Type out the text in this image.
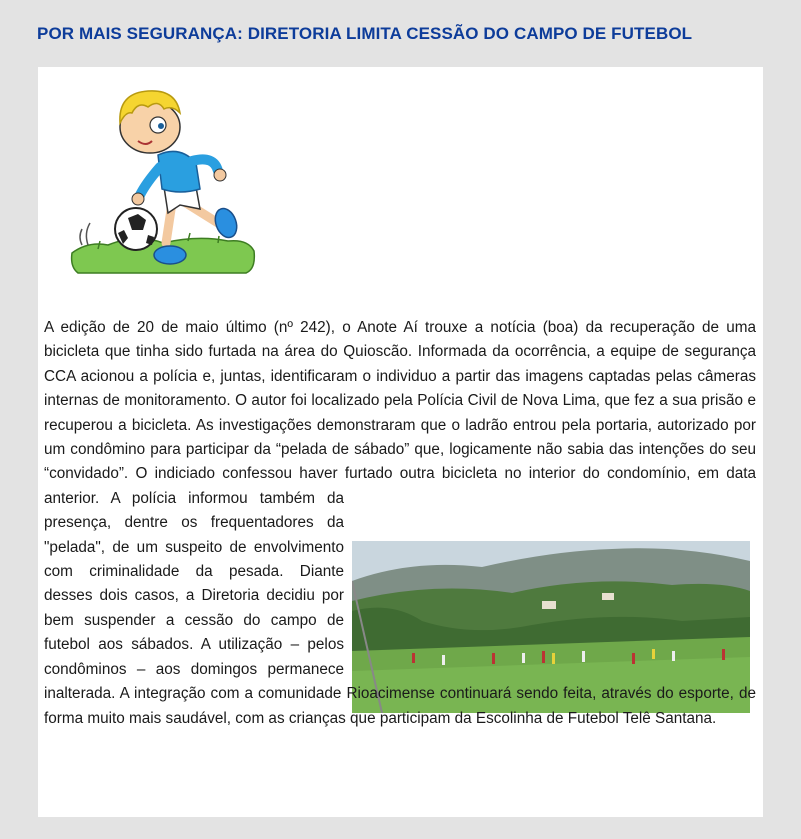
POR MAIS SEGURANÇA: DIRETORIA LIMITA CESSÃO DO CAMPO DE FUTEBOL

A edição de 20 de maio último (nº 242), o Anote Aí trouxe a notícia (boa) da recuperação de uma bicicleta que tinha sido furtada na área do Quioscão. Informada da ocorrência, a equipe de segurança CCA acionou a polícia e, juntas, identificaram o individuo a partir das imagens captadas pelas câmeras internas de monitoramento. O autor foi localizado pela Polícia Civil de Nova Lima, que fez a sua prisão e recuperou a bicicleta. As investigações demonstraram que o ladrão entrou pela portaria, autorizado por um condômino para participar da “pelada de sábado” que, logicamente não sabia das intenções do seu “convidado”. O indiciado confessou haver furtado outra bicicleta no interior do condomínio, em data anterior. A polícia informou também da presença, dentre os frequentadores da "pelada", de um suspeito de envolvimento com criminalidade da pesada. Diante desses dois casos, a Diretoria decidiu por bem suspender a cessão do campo de futebol aos sábados. A utilização – pelos condôminos – aos domingos permanece inalterada. A integração com a comunidade Rioacimense continuará sendo feita, através do esporte, de forma muito mais saudável, com as crianças que participam da Escolinha de Futebol Telê Santana.
